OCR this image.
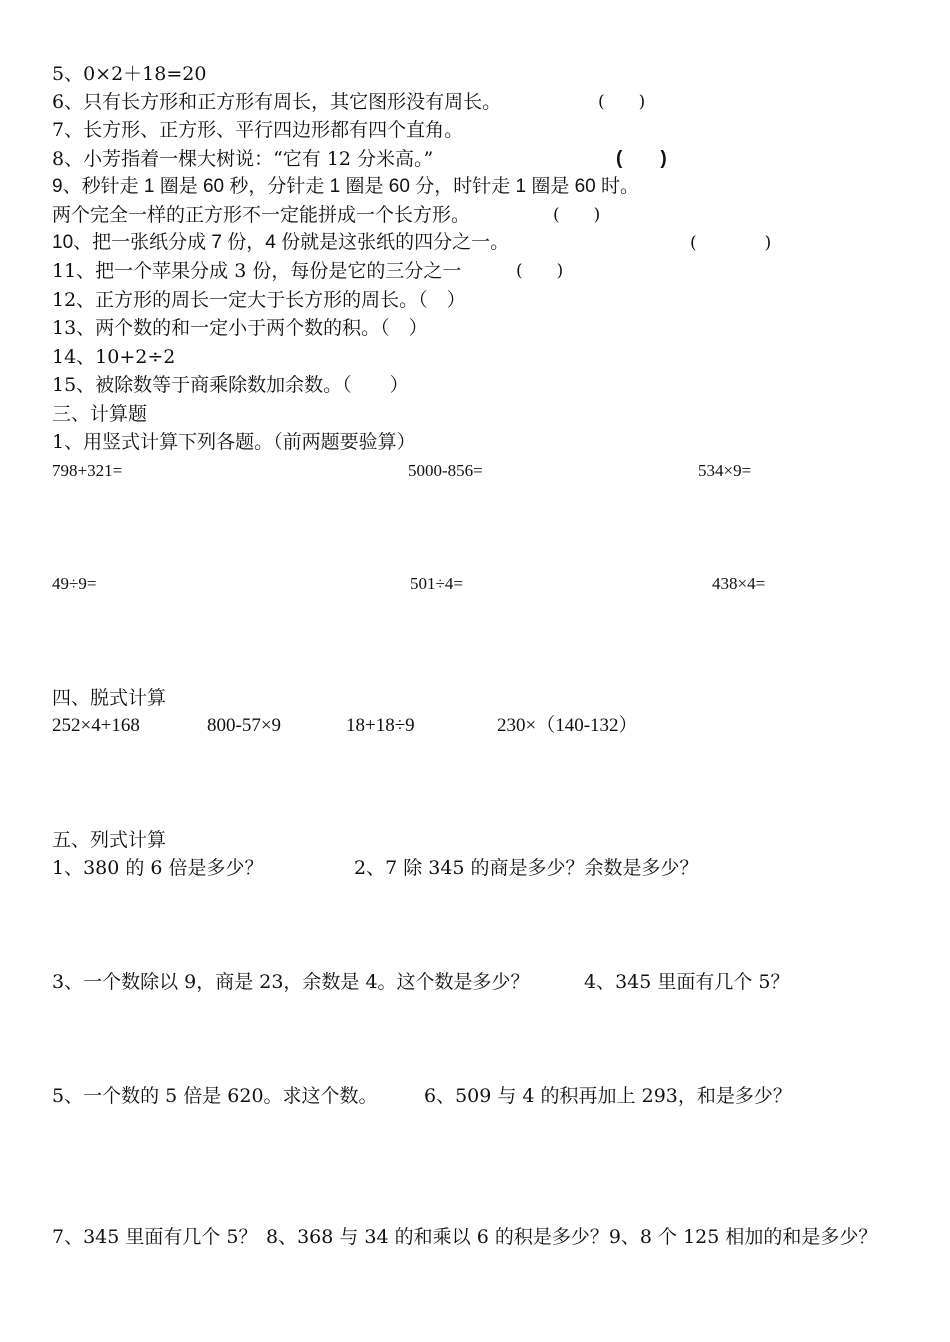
5、0×2＋18=20
6、只有长方形和正方形有周长，其它图形没有周长。	(　　)
7、长方形、正方形、平行四边形都有四个直角。
8、小芳指着一棵大树说：“它有 12 分米高。”	(　　)
9、秒针走 1 圈是 60 秒，分针走 1 圈是 60 分，时针走 1 圈是 60 时。
两个完全一样的正方形不一定能拼成一个长方形。	(　　)
10、把一张纸分成 7 份，4 份就是这张纸的四分之一。	(　　　　)
11、把一个苹果分成 3 份，每份是它的三分之一	(　　)
12、正方形的周长一定大于长方形的周长。（　）
13、两个数的和一定小于两个数的积。（　）
14、10+2÷2
15、被除数等于商乘除数加余数。（　　）
三、计算题
1、用竖式计算下列各题。（前两题要验算）
798+321=	5000-856=	534×9=
49÷9=	501÷4=	438×4=
四、脱式计算
252×4+168	800-57×9	18+18÷9	230×（140-132）
五、列式计算
1、380 的 6 倍是多少？	2、7 除 345 的商是多少？余数是多少？
3、一个数除以 9，商是 23，余数是 4。这个数是多少？	4、345 里面有几个 5？
5、一个数的 5 倍是 620。求这个数。 6、509 与 4 的积再加上 293，和是多少？
7、345 里面有几个 5？ 8、368 与 34 的和乘以 6 的积是多少？9、8 个 125 相加的和是多少？
